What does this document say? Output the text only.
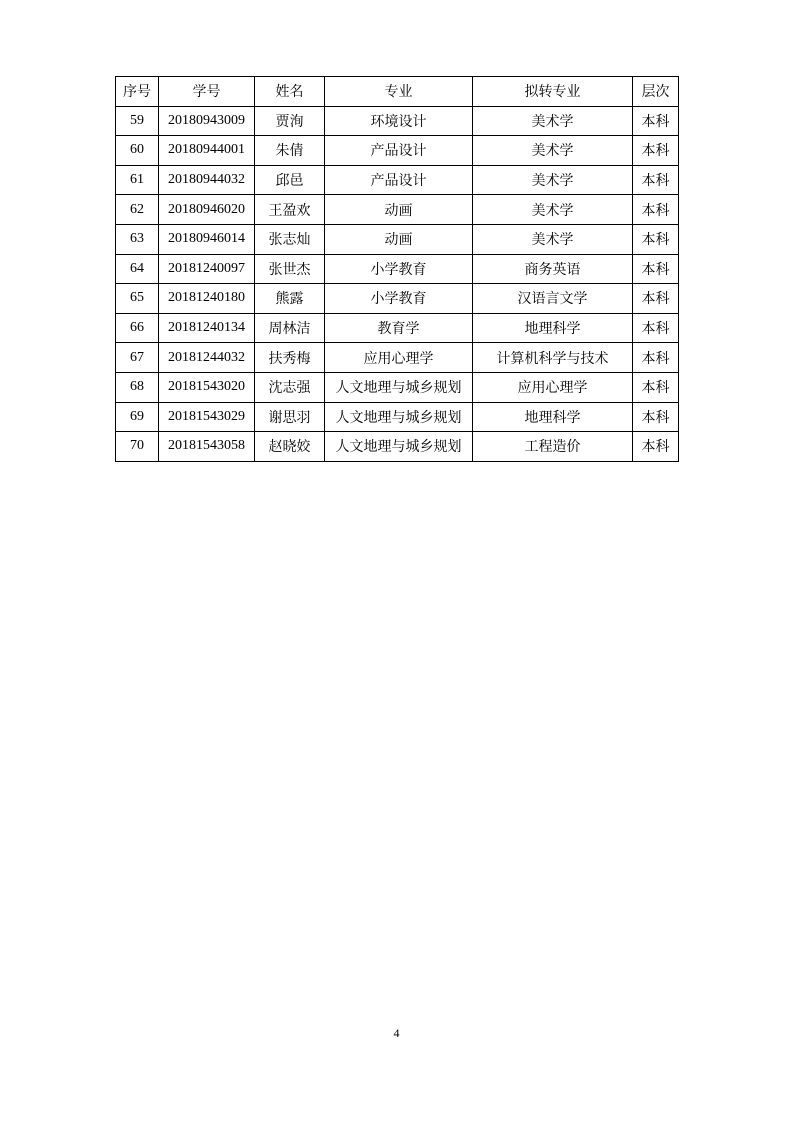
序号	学号	姓名	专业	拟转专业	层次
59	20180943009	贾洵	环境设计	美术学	本科
60	20180944001	朱倩	产品设计	美术学	本科
61	20180944032	邱邑	产品设计	美术学	本科
62	20180946020	王盈欢	动画	美术学	本科
63	20180946014	张志灿	动画	美术学	本科
64	20181240097	张世杰	小学教育	商务英语	本科
65	20181240180	熊露	小学教育	汉语言文学	本科
66	20181240134	周林洁	教育学	地理科学	本科
67	20181244032	扶秀梅	应用心理学	计算机科学与技术	本科
68	20181543020	沈志强	人文地理与城乡规划	应用心理学	本科
69	20181543029	谢思羽	人文地理与城乡规划	地理科学	本科
70	20181543058	赵晓姣	人文地理与城乡规划	工程造价	本科
4
